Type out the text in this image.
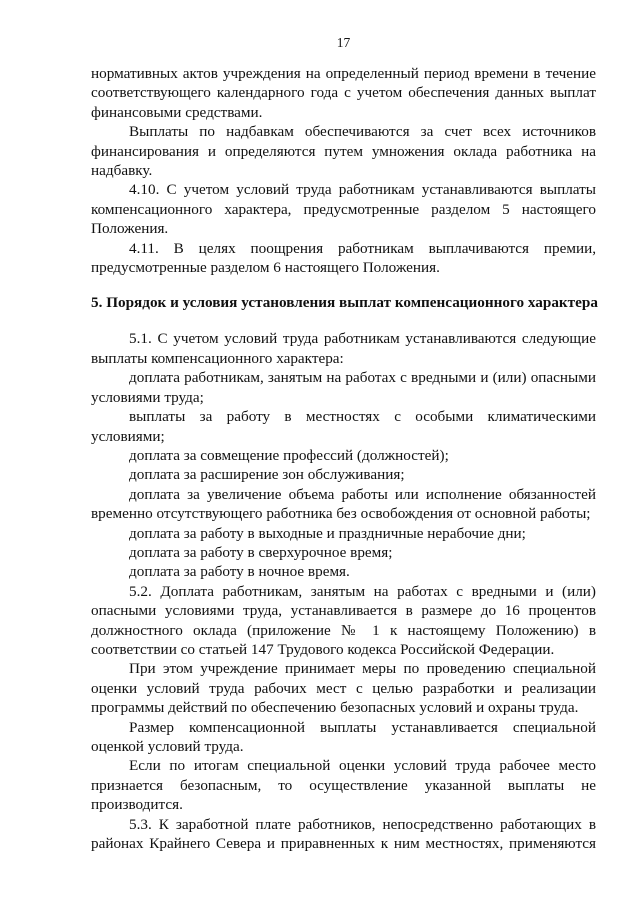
17

нормативных актов учреждения на определенный период времени в течение соответствующего календарного года с учетом обеспечения данных выплат финансовыми средствами.

Выплаты по надбавкам обеспечиваются за счет всех источников финансирования и определяются путем умножения оклада работника на надбавку.

4.10. С учетом условий труда работникам устанавливаются выплаты компенсационного характера, предусмотренные разделом 5 настоящего Положения.

4.11. В целях поощрения работникам выплачиваются премии, предусмотренные разделом 6 настоящего Положения.

5. Порядок и условия установления выплат компенсационного характера

5.1. С учетом условий труда работникам устанавливаются следующие выплаты компенсационного характера:

доплата работникам, занятым на работах с вредными и (или) опасными условиями труда;

выплаты за работу в местностях с особыми климатическими условиями;

доплата за совмещение профессий (должностей);

доплата за расширение зон обслуживания;

доплата за увеличение объема работы или исполнение обязанностей временно отсутствующего работника без освобождения от основной работы;

доплата за работу в выходные и праздничные нерабочие дни;

доплата за работу в сверхурочное время;

доплата за работу в ночное время.

5.2. Доплата работникам, занятым на работах с вредными и (или) опасными условиями труда, устанавливается в размере до 16 процентов должностного оклада (приложение № 1 к настоящему Положению) в соответствии со статьей 147 Трудового кодекса Российской Федерации.

При этом учреждение принимает меры по проведению специальной оценки условий труда рабочих мест с целью разработки и реализации программы действий по обеспечению безопасных условий и охраны труда.

Размер компенсационной выплаты устанавливается специальной оценкой условий труда.

Если по итогам специальной оценки условий труда рабочее место признается безопасным, то осуществление указанной выплаты не производится.

5.3. К заработной плате работников, непосредственно работающих в районах Крайнего Севера и приравненных к ним местностях, применяются
